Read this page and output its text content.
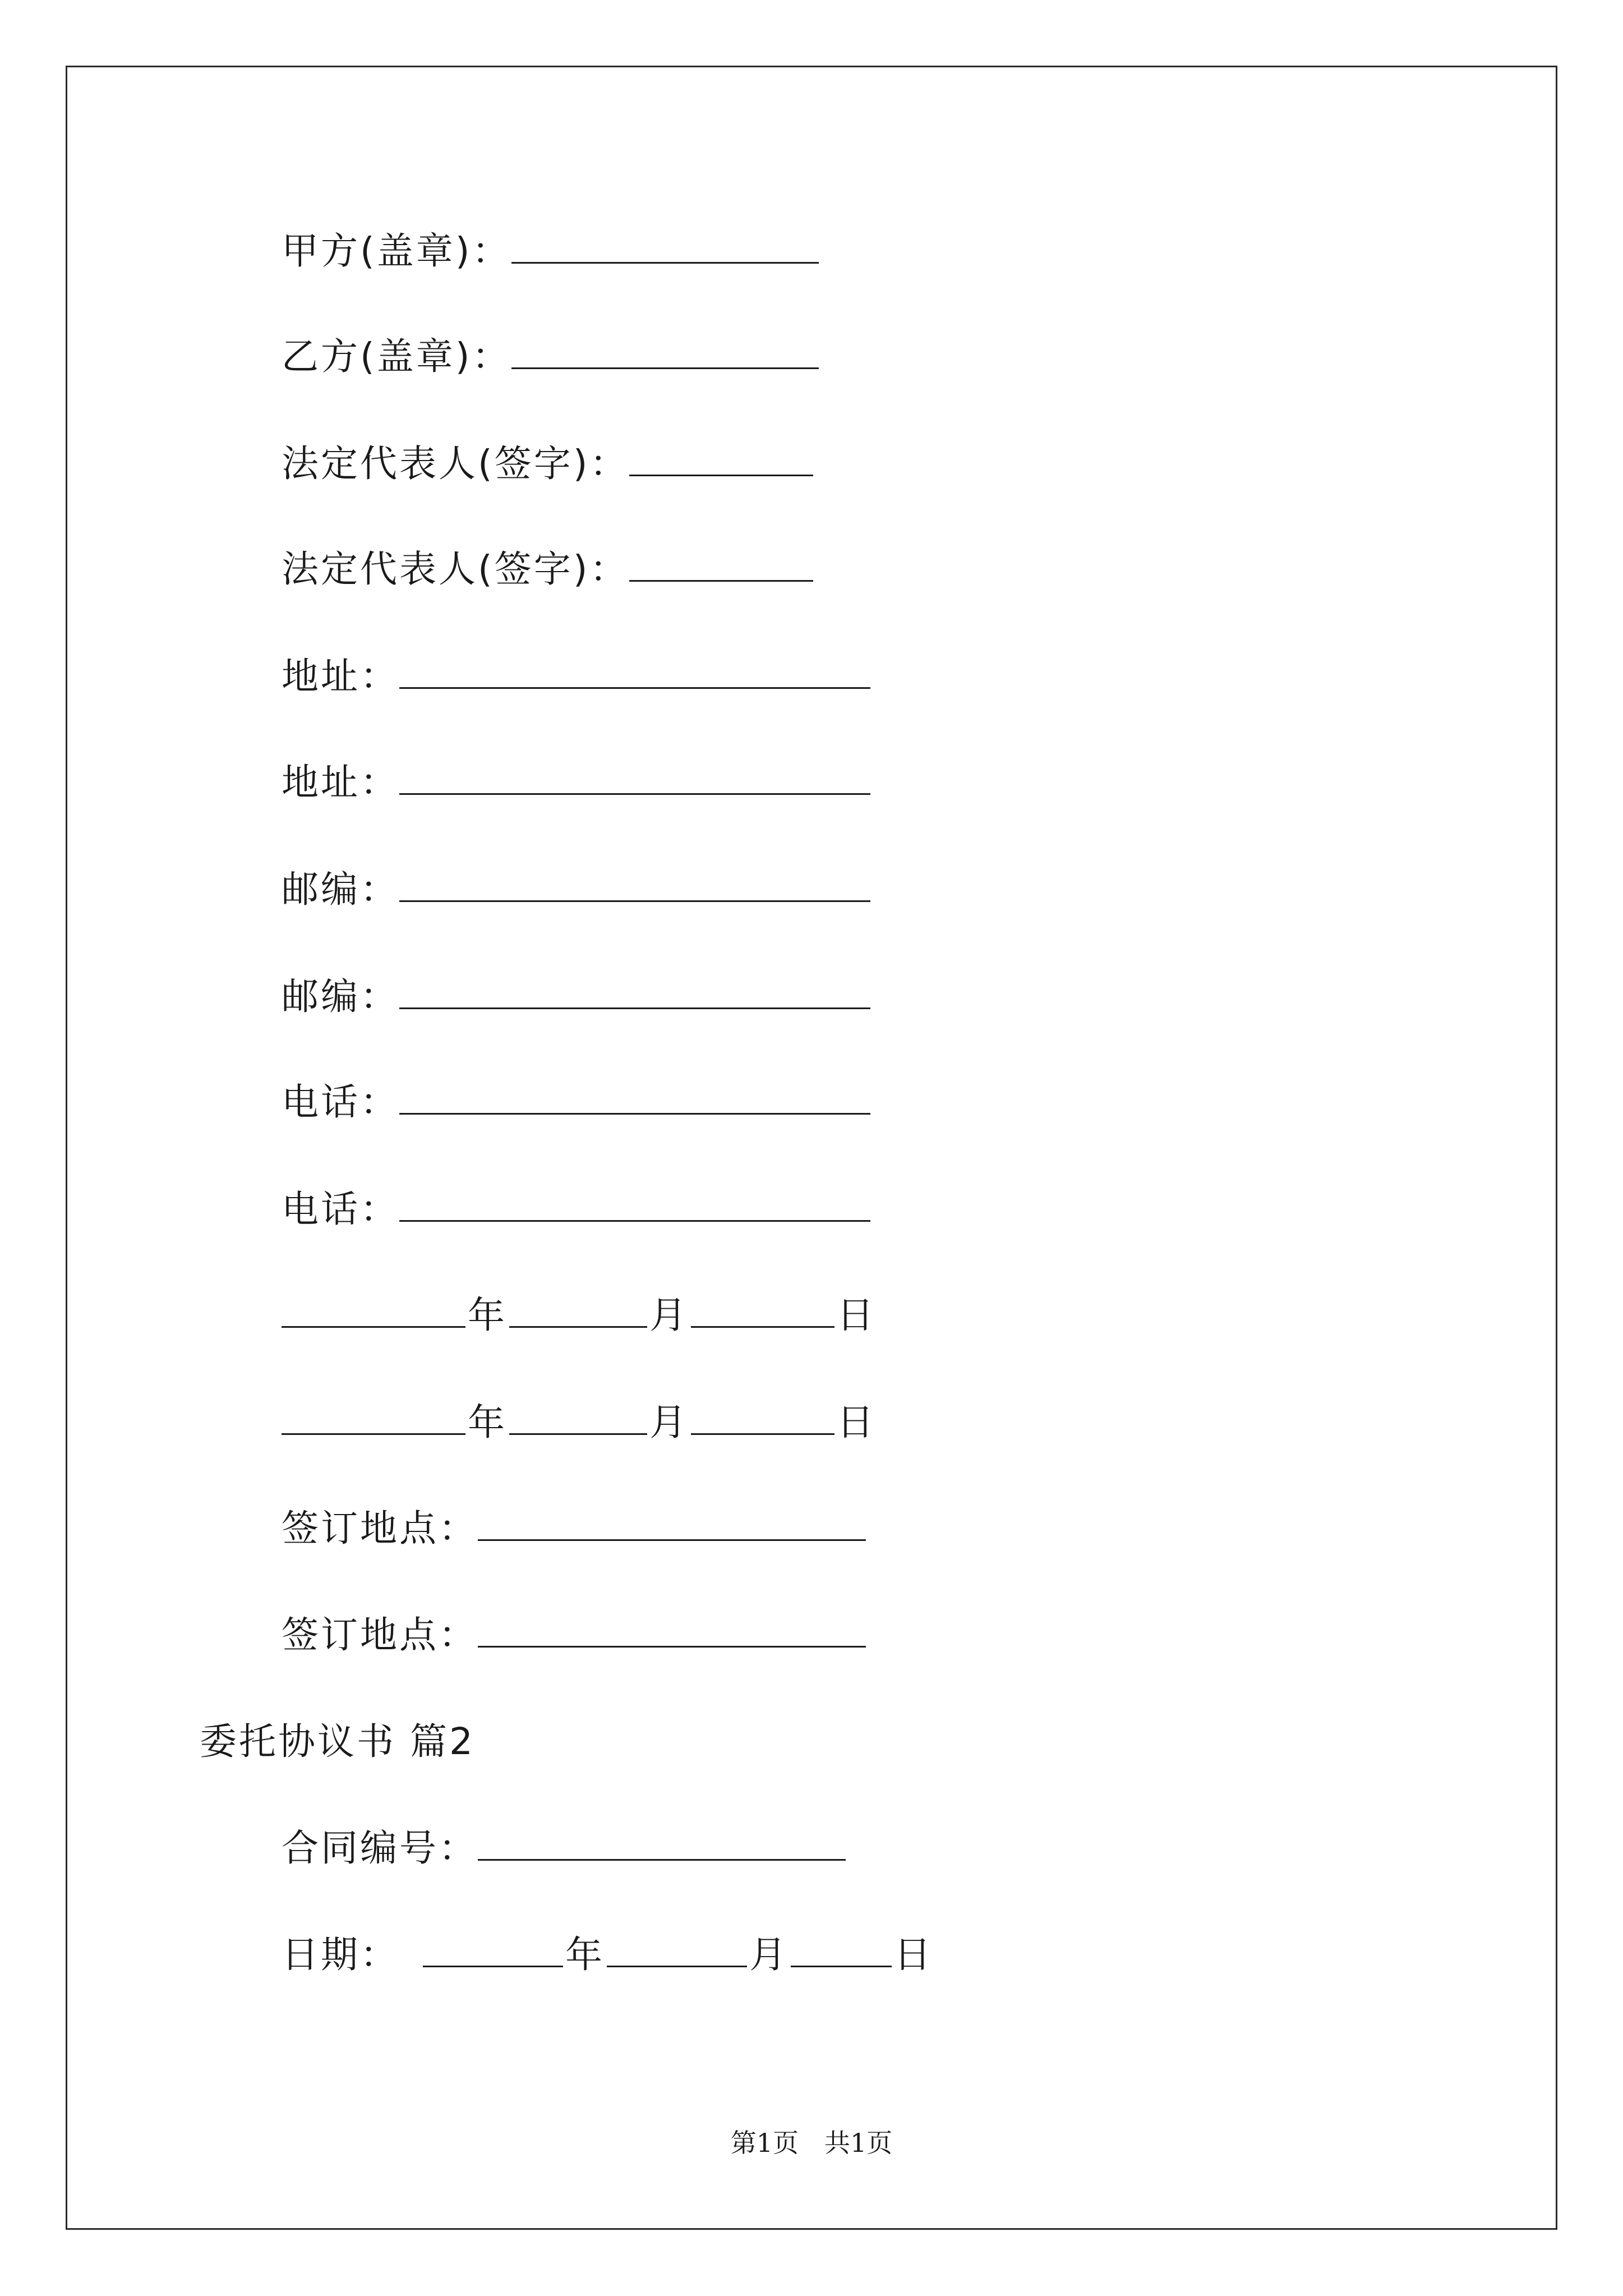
甲方(盖章)：
乙方(盖章)：
法定代表人(签字)：
法定代表人(签字)：
地址：
地址：
邮编：
邮编：
电话：
电话：
年	月	日
年	月	日
签订地点：
签订地点：
委托协议书 篇2
合同编号：
日期：	年	月	日
第1页　共1页
